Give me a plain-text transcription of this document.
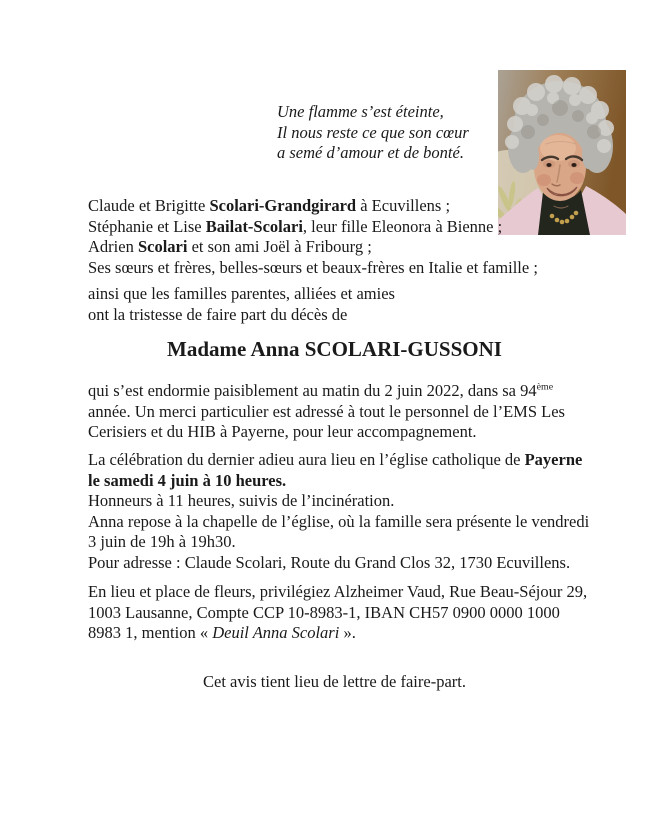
Une flamme s’est éteinte,
Il nous reste ce que son cœur
a semé d’amour et de bonté.
Claude et Brigitte Scolari-Grandgirard à Ecuvillens ;
Stéphanie et Lise Bailat-Scolari, leur fille Eleonora à Bienne ;
Adrien Scolari et son ami Joël à Fribourg ;
Ses sœurs et frères, belles-sœurs et beaux-frères en Italie et famille ;
ainsi que les familles parentes, alliées et amies
ont la tristesse de faire part du décès de
Madame Anna SCOLARI-GUSSONI
qui s’est endormie paisiblement au matin du 2 juin 2022, dans sa 94ème
année. Un merci particulier est adressé à tout le personnel de l’EMS Les
Cerisiers et du HIB à Payerne, pour leur accompagnement.
La célébration du dernier adieu aura lieu en l’église catholique de Payerne
le samedi 4 juin à 10 heures.
Honneurs à 11 heures, suivis de l’incinération.
Anna repose à la chapelle de l’église, où la famille sera présente le vendredi
3 juin de 19h à 19h30.
Pour adresse : Claude Scolari, Route du Grand Clos 32, 1730 Ecuvillens.
En lieu et place de fleurs, privilégiez Alzheimer Vaud, Rue Beau-Séjour 29,
1003 Lausanne, Compte CCP 10-8983-1, IBAN CH57 0900 0000 1000
8983 1, mention « Deuil Anna Scolari ».
Cet avis tient lieu de lettre de faire-part.
